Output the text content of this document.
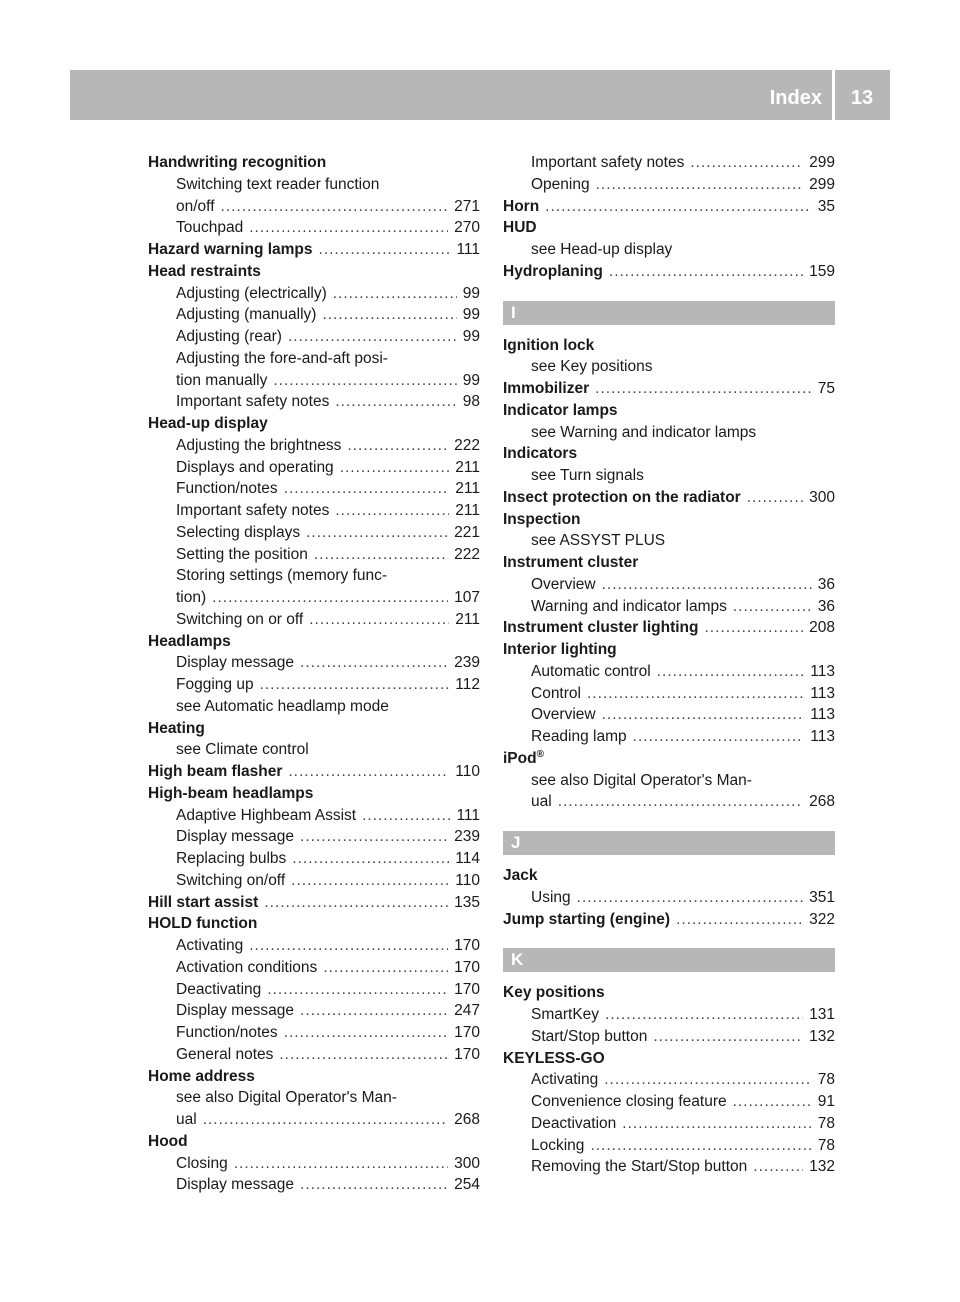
Index	13
Handwriting recognition
Switching text reader function
on/off .....	271
Touchpad .....	270
Hazard warning lamps .....	111
Head restraints
Adjusting (electrically) .....	99
Adjusting (manually) .....	99
Adjusting (rear) .....	99
Adjusting the fore-and-aft posi-
tion manually .....	99
Important safety notes .....	98
Head-up display
Adjusting the brightness .....	222
Displays and operating .....	211
Function/notes .....	211
Important safety notes .....	211
Selecting displays .....	221
Setting the position .....	222
Storing settings (memory func-
tion) .....	107
Switching on or off .....	211
Headlamps
Display message .....	239
Fogging up .....	112
see Automatic headlamp mode
Heating
see Climate control
High beam flasher .....	110
High-beam headlamps
Adaptive Highbeam Assist .....	111
Display message .....	239
Replacing bulbs .....	114
Switching on/off .....	110
Hill start assist .....	135
HOLD function
Activating .....	170
Activation conditions .....	170
Deactivating .....	170
Display message .....	247
Function/notes .....	170
General notes .....	170
Home address
see also Digital Operator's Man-
ual .....	268
Hood
Closing .....	300
Display message .....	254
Important safety notes .....	299
Opening .....	299
Horn .....	35
HUD
see Head-up display
Hydroplaning .....	159
I
Ignition lock
see Key positions
Immobilizer .....	75
Indicator lamps
see Warning and indicator lamps
Indicators
see Turn signals
Insect protection on the radiator .....	300
Inspection
see ASSYST PLUS
Instrument cluster
Overview .....	36
Warning and indicator lamps .....	36
Instrument cluster lighting .....	208
Interior lighting
Automatic control .....	113
Control .....	113
Overview .....	113
Reading lamp .....	113
iPod®
see also Digital Operator's Man-
ual .....	268
J
Jack
Using .....	351
Jump starting (engine) .....	322
K
Key positions
SmartKey .....	131
Start/Stop button .....	132
KEYLESS-GO
Activating .....	78
Convenience closing feature .....	91
Deactivation .....	78
Locking .....	78
Removing the Start/Stop button .....	132
